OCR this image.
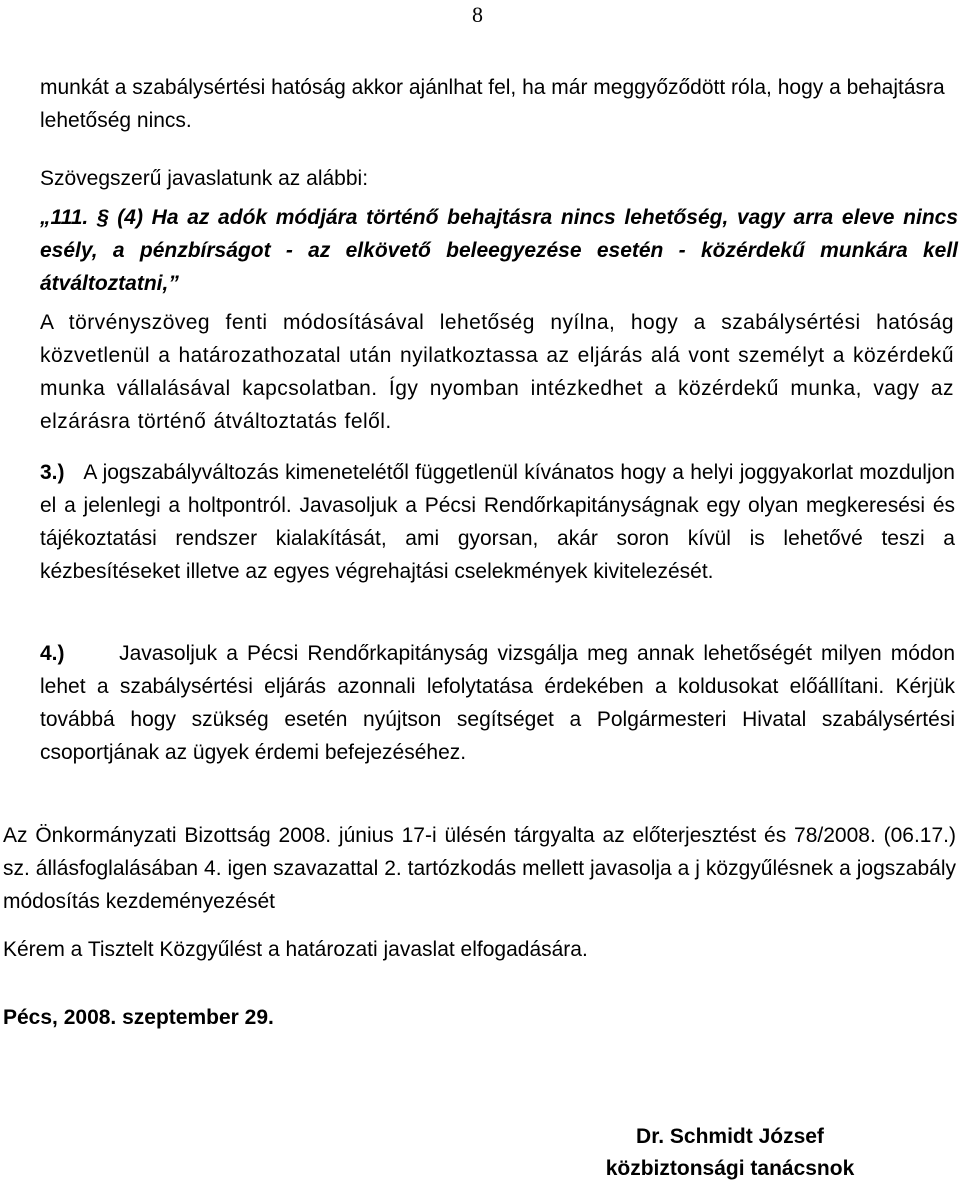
8

munkát a szabálysértési hatóság akkor ajánlhat fel, ha már meggyőződött róla, hogy a behajtásra lehetőség nincs.

Szövegszerű javaslatunk az alábbi:

„111. § (4) Ha az adók módjára történő behajtásra nincs lehetőség, vagy arra eleve nincs esély, a pénzbírságot - az elkövető beleegyezése esetén - közérdekű munkára kell átváltoztatni,”

A törvényszöveg fenti módosításával lehetőség nyílna, hogy a szabálysértési hatóság közvetlenül a határozathozatal után nyilatkoztassa az eljárás alá vont személyt a közérdekű munka vállalásával kapcsolatban. Így nyomban intézkedhet a közérdekű munka, vagy az elzárásra történő átváltoztatás felől.

3.) A jogszabályváltozás kimenetelétől függetlenül kívánatos hogy a helyi joggyakorlat mozduljon el a jelenlegi a holtpontról. Javasoljuk a Pécsi Rendőrkapitányságnak egy olyan megkeresési és tájékoztatási rendszer kialakítását, ami gyorsan, akár soron kívül is lehetővé teszi a kézbesítéseket illetve az egyes végrehajtási cselekmények kivitelezését.

4.)	Javasoljuk a Pécsi Rendőrkapitányság vizsgálja meg annak lehetőségét milyen módon lehet a szabálysértési eljárás azonnali lefolytatása érdekében a koldusokat előállítani. Kérjük továbbá hogy szükség esetén nyújtson segítséget a Polgármesteri Hivatal szabálysértési csoportjának az ügyek érdemi befejezéséhez.

Az Önkormányzati Bizottság 2008. június 17-i ülésén tárgyalta az előterjesztést és 78/2008. (06.17.) sz. állásfoglalásában 4. igen szavazattal 2. tartózkodás mellett javasolja a j közgyűlésnek a jogszabály módosítás kezdeményezését

Kérem a Tisztelt Közgyűlést a határozati javaslat elfogadására.

Pécs, 2008. szeptember 29.

Dr. Schmidt József
közbiztonsági tanácsnok
